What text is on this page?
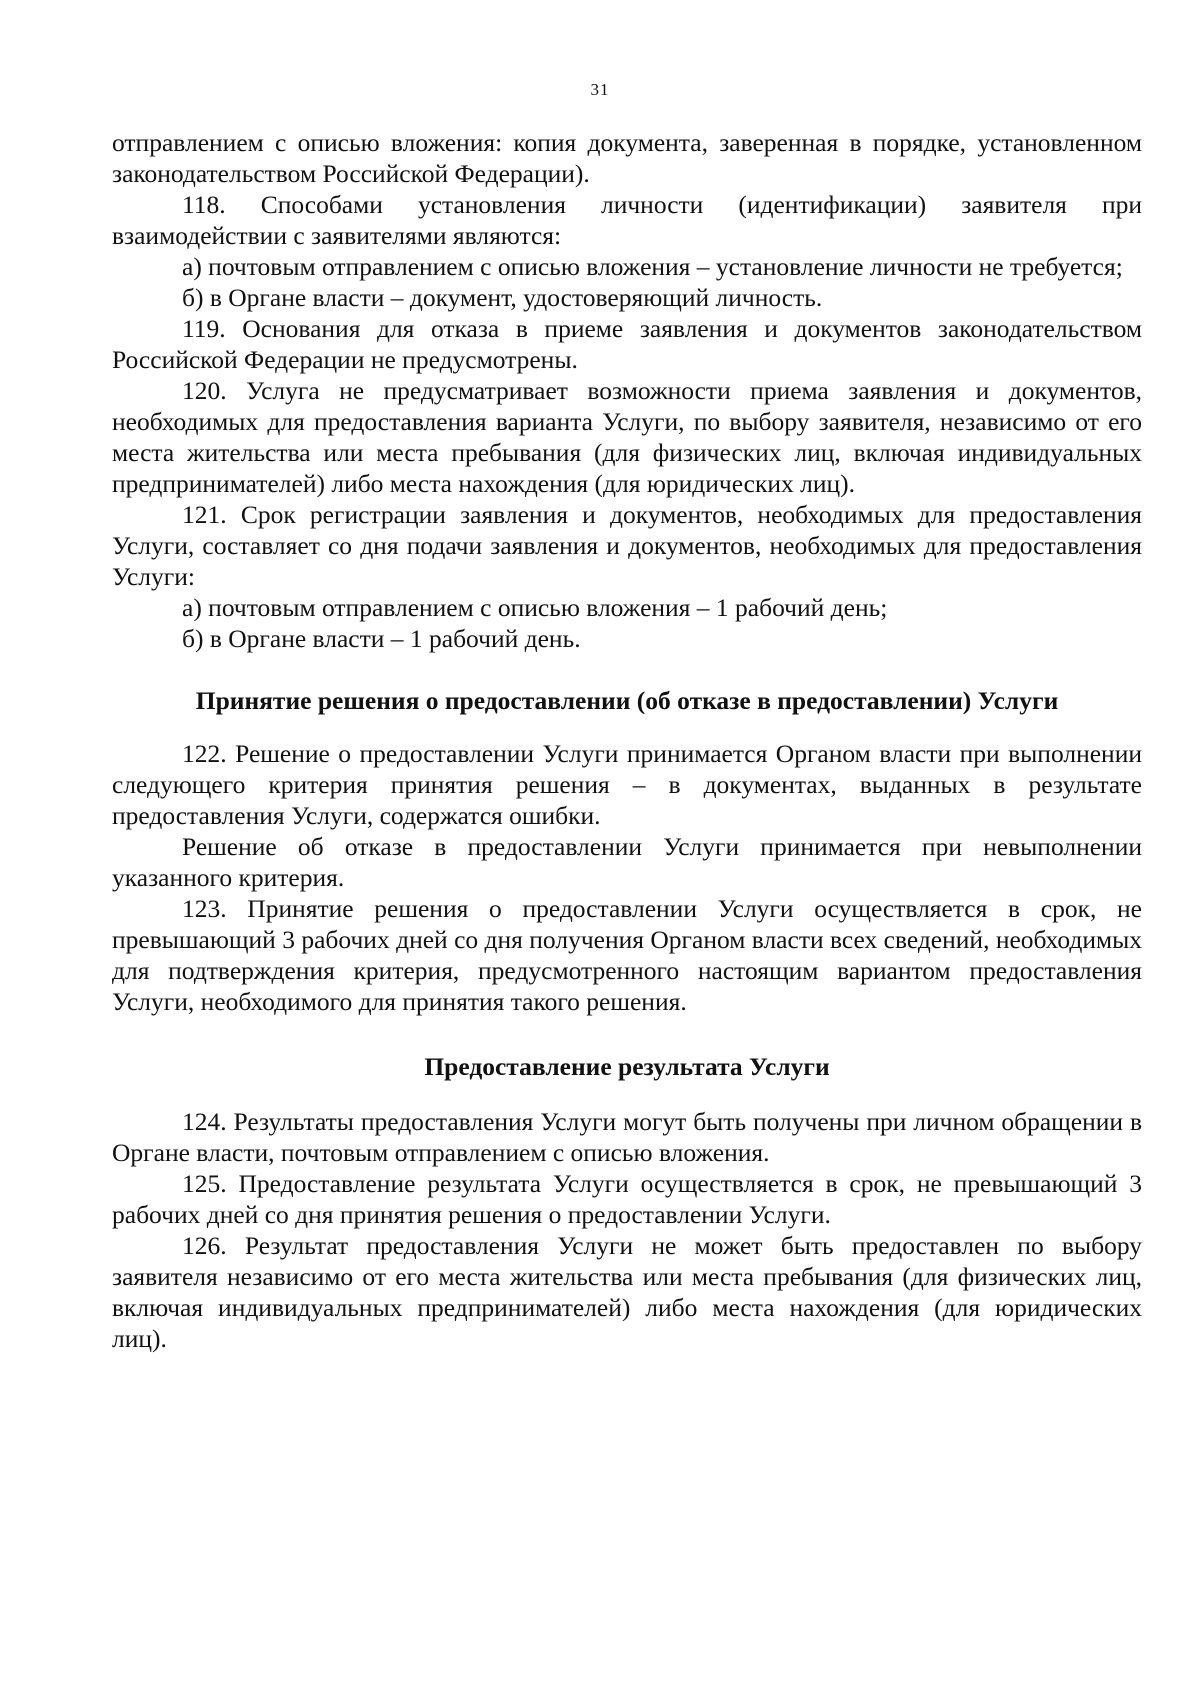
31

отправлением с описью вложения: копия документа, заверенная в порядке, установленном законодательством Российской Федерации).

118. Способами установления личности (идентификации) заявителя при взаимодействии с заявителями являются:

а) почтовым отправлением с описью вложения – установление личности не требуется;

б) в Органе власти – документ, удостоверяющий личность.

119. Основания для отказа в приеме заявления и документов законодательством Российской Федерации не предусмотрены.

120. Услуга не предусматривает возможности приема заявления и документов, необходимых для предоставления варианта Услуги, по выбору заявителя, независимо от его места жительства или места пребывания (для физических лиц, включая индивидуальных предпринимателей) либо места нахождения (для юридических лиц).

121. Срок регистрации заявления и документов, необходимых для предоставления Услуги, составляет со дня подачи заявления и документов, необходимых для предоставления Услуги:

а) почтовым отправлением с описью вложения – 1 рабочий день;

б) в Органе власти – 1 рабочий день.

Принятие решения о предоставлении (об отказе в предоставлении) Услуги

122. Решение о предоставлении Услуги принимается Органом власти при выполнении следующего критерия принятия решения – в документах, выданных в результате предоставления Услуги, содержатся ошибки.

Решение об отказе в предоставлении Услуги принимается при невыполнении указанного критерия.

123. Принятие решения о предоставлении Услуги осуществляется в срок, не превышающий 3 рабочих дней со дня получения Органом власти всех сведений, необходимых для подтверждения критерия, предусмотренного настоящим вариантом предоставления Услуги, необходимого для принятия такого решения.

Предоставление результата Услуги

124. Результаты предоставления Услуги могут быть получены при личном обращении в Органе власти, почтовым отправлением с описью вложения.

125. Предоставление результата Услуги осуществляется в срок, не превышающий 3 рабочих дней со дня принятия решения о предоставлении Услуги.

126. Результат предоставления Услуги не может быть предоставлен по выбору заявителя независимо от его места жительства или места пребывания (для физических лиц, включая индивидуальных предпринимателей) либо места нахождения (для юридических лиц).
